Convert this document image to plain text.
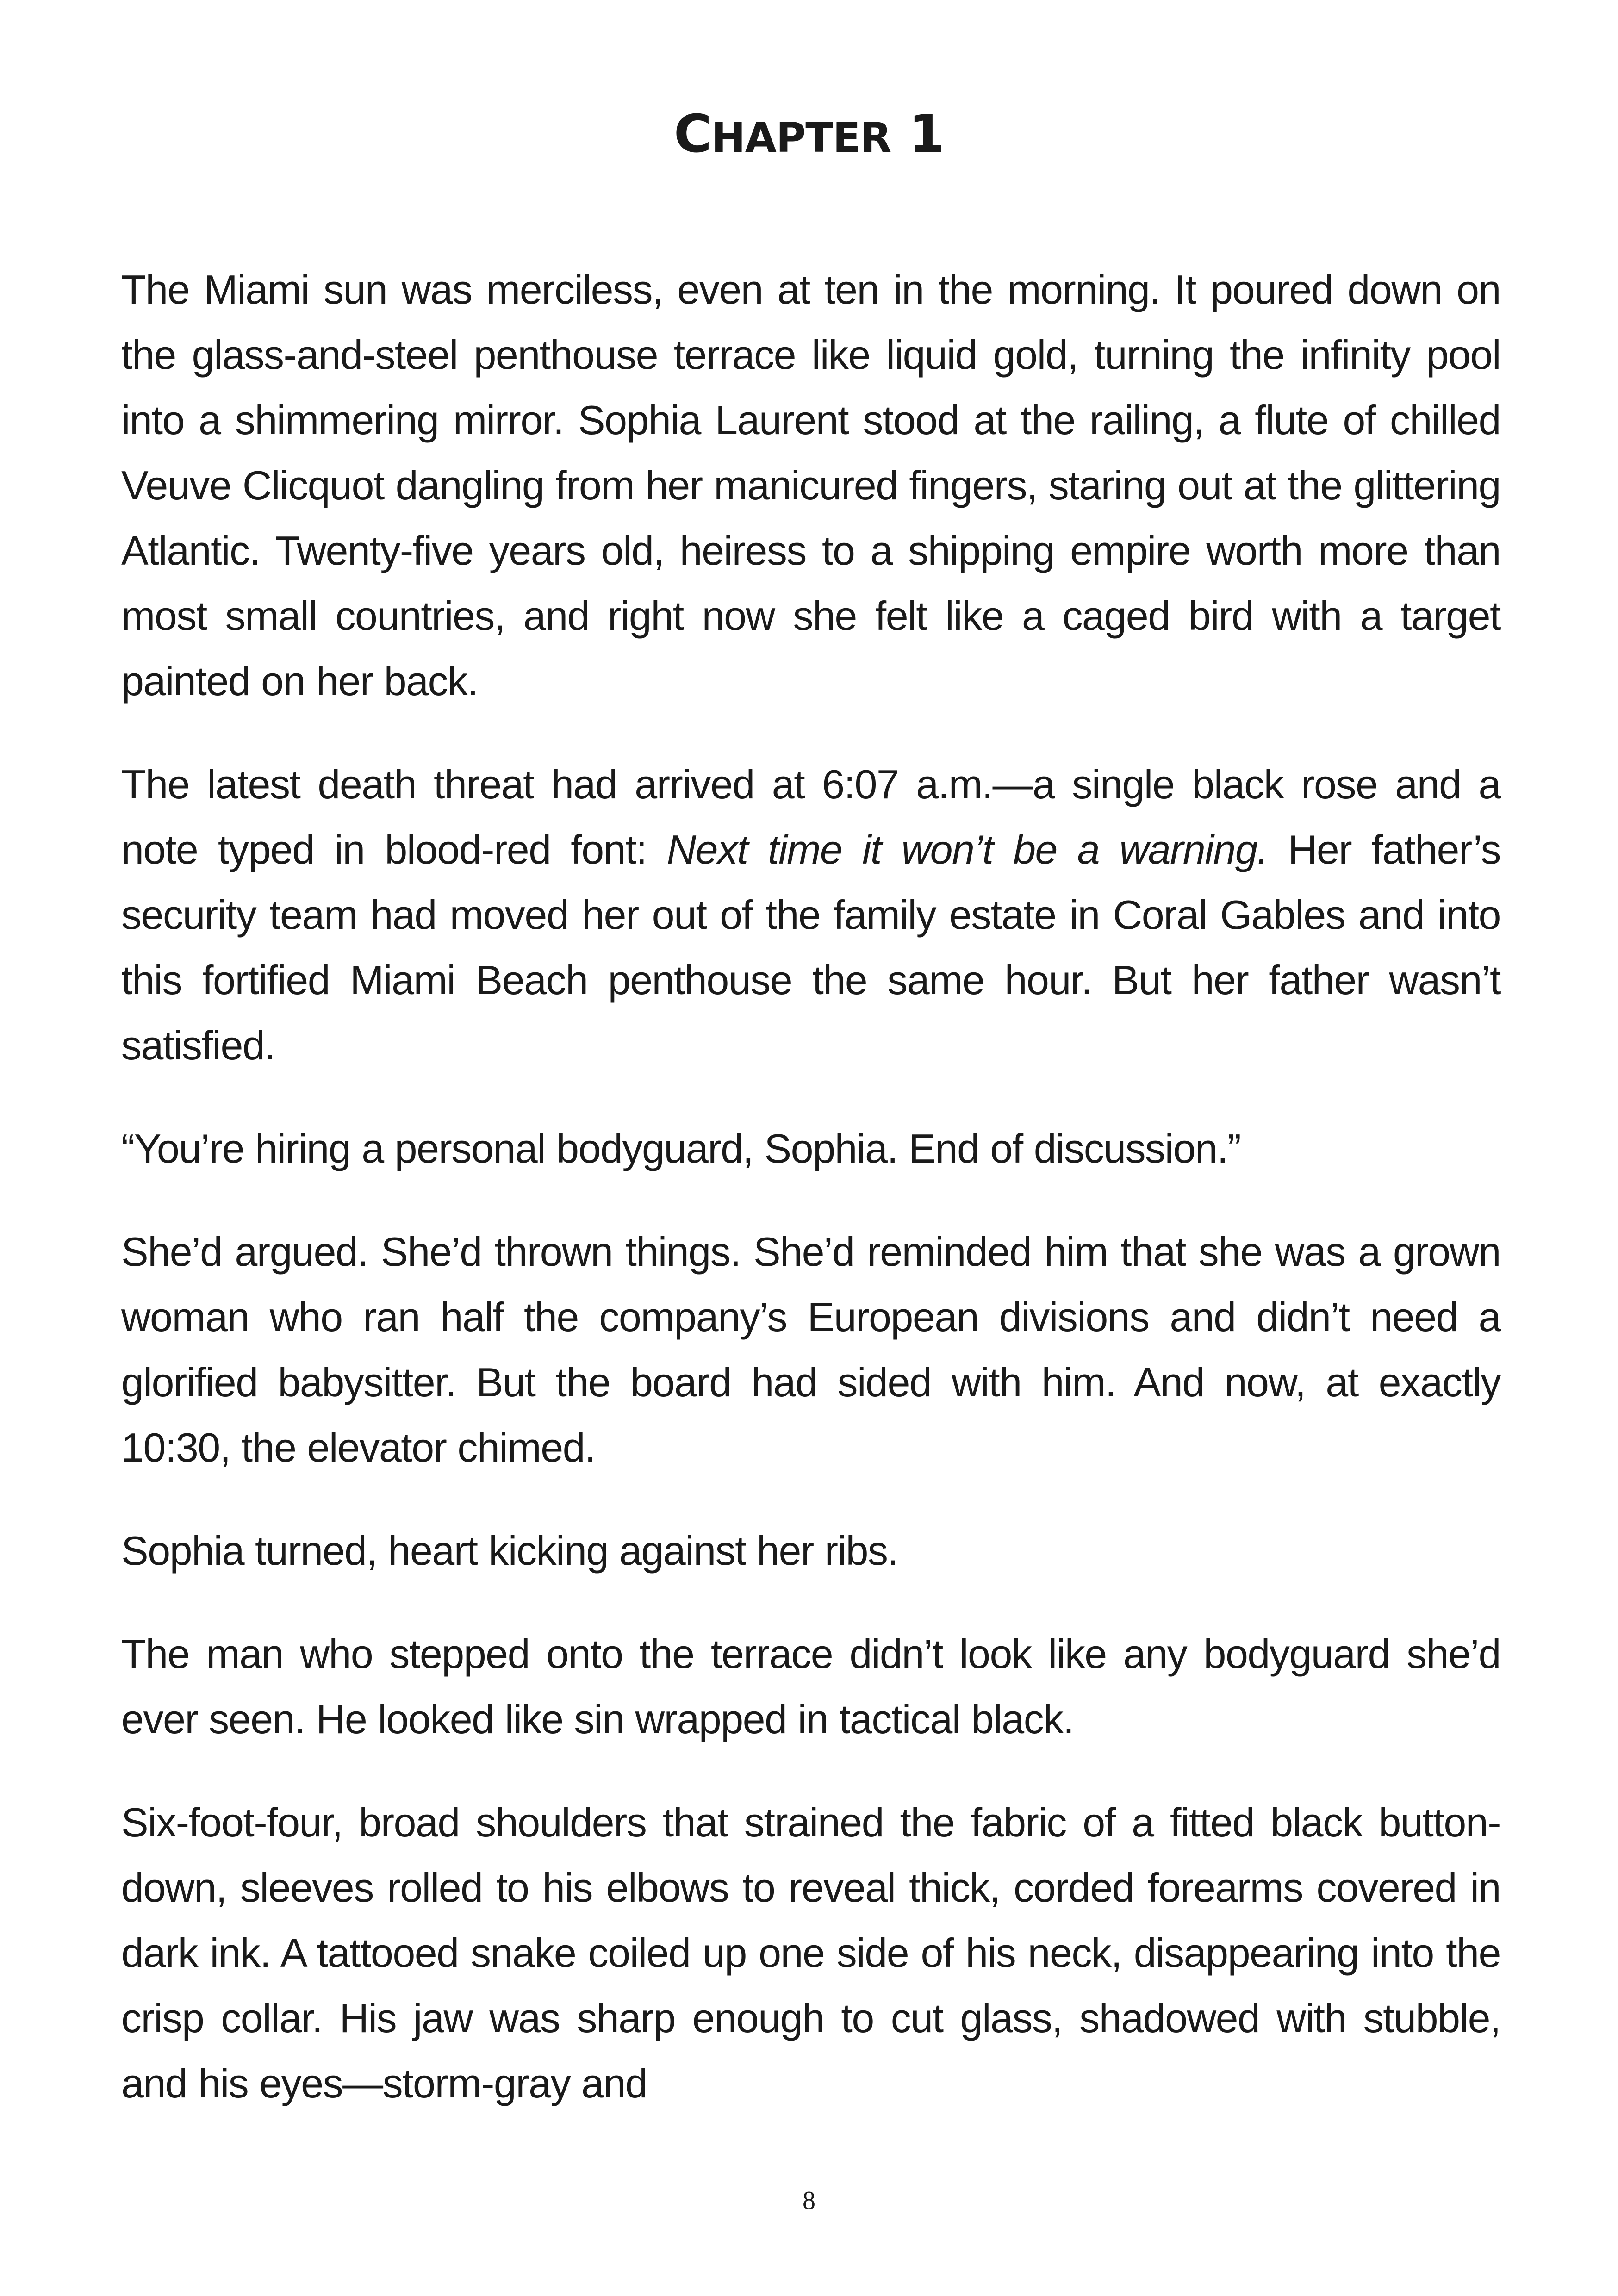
CHAPTER 1

The Miami sun was merciless, even at ten in the morning. It poured down on the glass-and-steel penthouse terrace like liquid gold, turning the infinity pool into a shimmering mirror. Sophia Laurent stood at the railing, a flute of chilled Veuve Clicquot dangling from her manicured fingers, staring out at the glittering Atlantic. Twenty-five years old, heiress to a shipping empire worth more than most small countries, and right now she felt like a caged bird with a target painted on her back.

The latest death threat had arrived at 6:07 a.m.—a single black rose and a note typed in blood-red font: Next time it won’t be a warning. Her father’s security team had moved her out of the family estate in Coral Gables and into this fortified Miami Beach penthouse the same hour. But her father wasn’t satisfied.

“You’re hiring a personal bodyguard, Sophia. End of discussion.”

She’d argued. She’d thrown things. She’d reminded him that she was a grown woman who ran half the company’s European divisions and didn’t need a glorified babysitter. But the board had sided with him. And now, at exactly 10:30, the elevator chimed.

Sophia turned, heart kicking against her ribs.

The man who stepped onto the terrace didn’t look like any bodyguard she’d ever seen. He looked like sin wrapped in tactical black.

Six-foot-four, broad shoulders that strained the fabric of a fitted black button-down, sleeves rolled to his elbows to reveal thick, corded forearms covered in dark ink. A tattooed snake coiled up one side of his neck, disappearing into the crisp collar. His jaw was sharp enough to cut glass, shadowed with stubble, and his eyes—storm-gray and

8
